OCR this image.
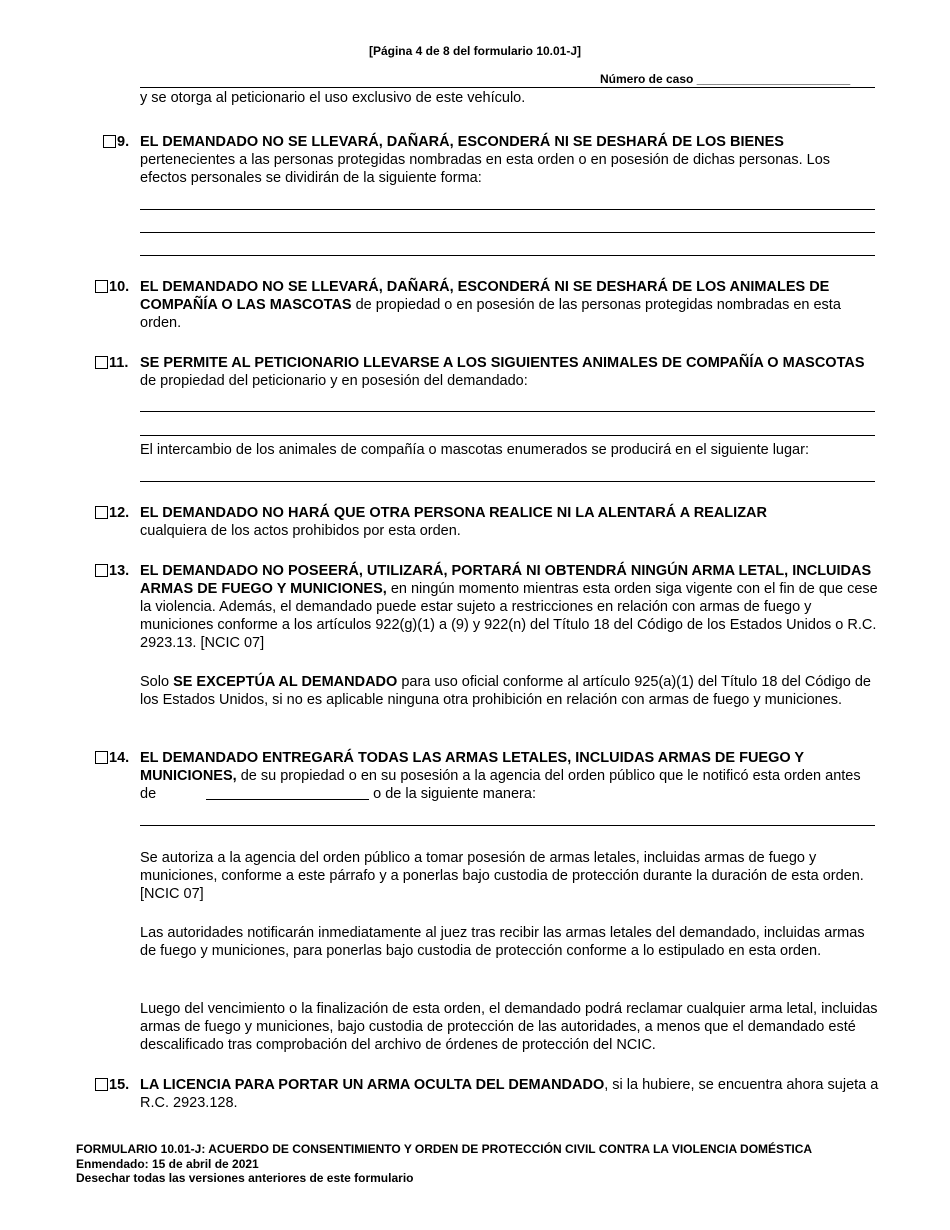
[Página 4 de 8 del formulario 10.01-J]
Número de caso _______________________
y se otorga al peticionario el uso exclusivo de este vehículo.
9. EL DEMANDADO NO SE LLEVARÁ, DAÑARÁ, ESCONDERÁ NI SE DESHARÁ DE LOS BIENES
pertenecientes a las personas protegidas nombradas en esta orden o en posesión de dichas personas. Los efectos personales se dividirán de la siguiente forma:
10. EL DEMANDADO NO SE LLEVARÁ, DAÑARÁ, ESCONDERÁ NI SE DESHARÁ DE LOS ANIMALES DE COMPAÑÍA O LAS MASCOTAS de propiedad o en posesión de las personas protegidas nombradas en esta orden.
11. SE PERMITE AL PETICIONARIO LLEVARSE A LOS SIGUIENTES ANIMALES DE COMPAÑÍA O MASCOTAS de propiedad del peticionario y en posesión del demandado:
El intercambio de los animales de compañía o mascotas enumerados se producirá en el siguiente lugar:
12. EL DEMANDADO NO HARÁ QUE OTRA PERSONA REALICE NI LA ALENTARÁ A REALIZAR
cualquiera de los actos prohibidos por esta orden.
13. EL DEMANDADO NO POSEERÁ, UTILIZARÁ, PORTARÁ NI OBTENDRÁ NINGÚN ARMA LETAL, INCLUIDAS ARMAS DE FUEGO Y MUNICIONES, en ningún momento mientras esta orden siga vigente con el fin de que cese la violencia. Además, el demandado puede estar sujeto a restricciones en relación con armas de fuego y municiones conforme a los artículos 922(g)(1) a (9) y 922(n) del Título 18 del Código de los Estados Unidos o R.C. 2923.13. [NCIC 07]
Solo SE EXCEPTÚA AL DEMANDADO para uso oficial conforme al artículo 925(a)(1) del Título 18 del Código de los Estados Unidos, si no es aplicable ninguna otra prohibición en relación con armas de fuego y municiones.
14. EL DEMANDADO ENTREGARÁ TODAS LAS ARMAS LETALES, INCLUIDAS ARMAS DE FUEGO Y MUNICIONES, de su propiedad o en su posesión a la agencia del orden público que le notificó esta orden antes de	o de la siguiente manera:
Se autoriza a la agencia del orden público a tomar posesión de armas letales, incluidas armas de fuego y municiones, conforme a este párrafo y a ponerlas bajo custodia de protección durante la duración de esta orden. [NCIC 07]
Las autoridades notificarán inmediatamente al juez tras recibir las armas letales del demandado, incluidas armas de fuego y municiones, para ponerlas bajo custodia de protección conforme a lo estipulado en esta orden.
Luego del vencimiento o la finalización de esta orden, el demandado podrá reclamar cualquier arma letal, incluidas armas de fuego y municiones, bajo custodia de protección de las autoridades, a menos que el demandado esté descalificado tras comprobación del archivo de órdenes de protección del NCIC.
15. LA LICENCIA PARA PORTAR UN ARMA OCULTA DEL DEMANDADO, si la hubiere, se encuentra ahora sujeta a R.C. 2923.128.
FORMULARIO 10.01-J: ACUERDO DE CONSENTIMIENTO Y ORDEN DE PROTECCIÓN CIVIL CONTRA LA VIOLENCIA DOMÉSTICA
Enmendado: 15 de abril de 2021
Desechar todas las versiones anteriores de este formulario
